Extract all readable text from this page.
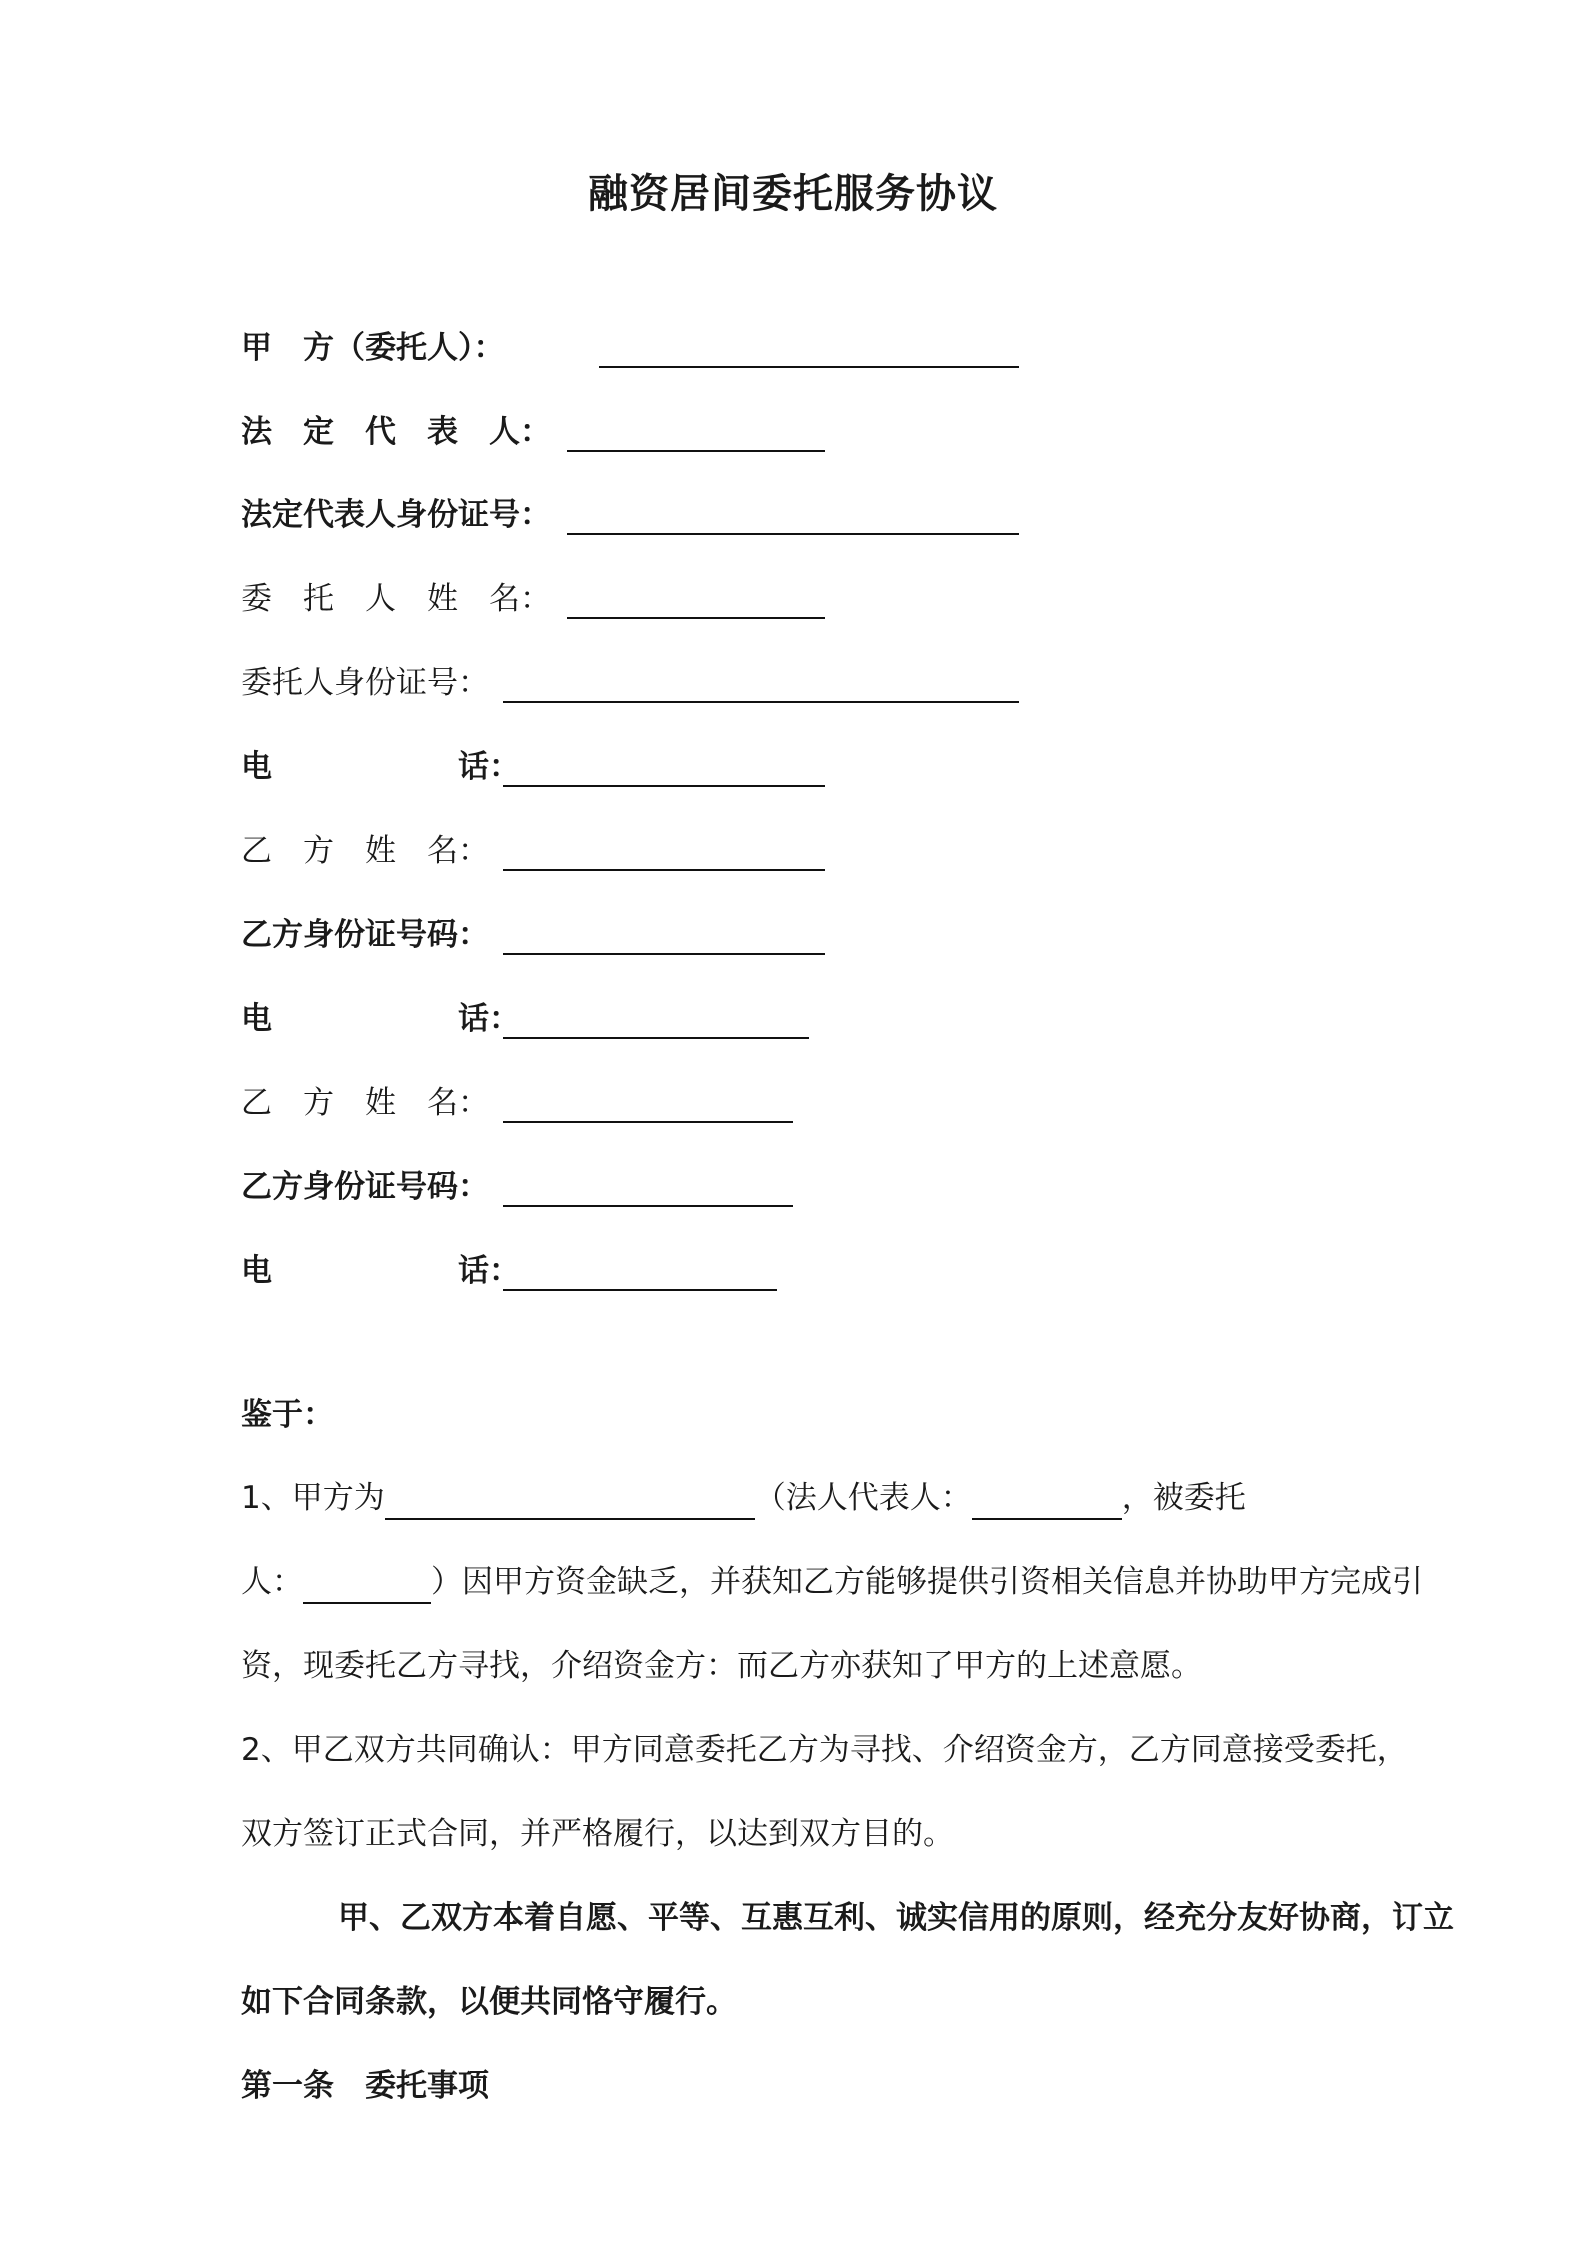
融资居间委托服务协议
甲　方（委托人）：
法　定　代　表　人：
法定代表人身份证号：
委　托　人　姓　名：
委托人身份证号：
电　　　　　　话：
乙　方　姓　名：
乙方身份证号码：
电　　　　　　话：
乙　方　姓　名：
乙方身份证号码：
电　　　　　　话：
鉴于：
1、甲方为	（法人代表人：	，被委托
人：	）因甲方资金缺乏，并获知乙方能够提供引资相关信息并协助甲方完成引
资，现委托乙方寻找，介绍资金方：而乙方亦获知了甲方的上述意愿。
2、甲乙双方共同确认：甲方同意委托乙方为寻找、介绍资金方，乙方同意接受委托，
双方签订正式合同，并严格履行，以达到双方目的。
甲、乙双方本着自愿、平等、互惠互利、诚实信用的原则，经充分友好协商，订立
如下合同条款，以便共同恪守履行。
第一条　委托事项
